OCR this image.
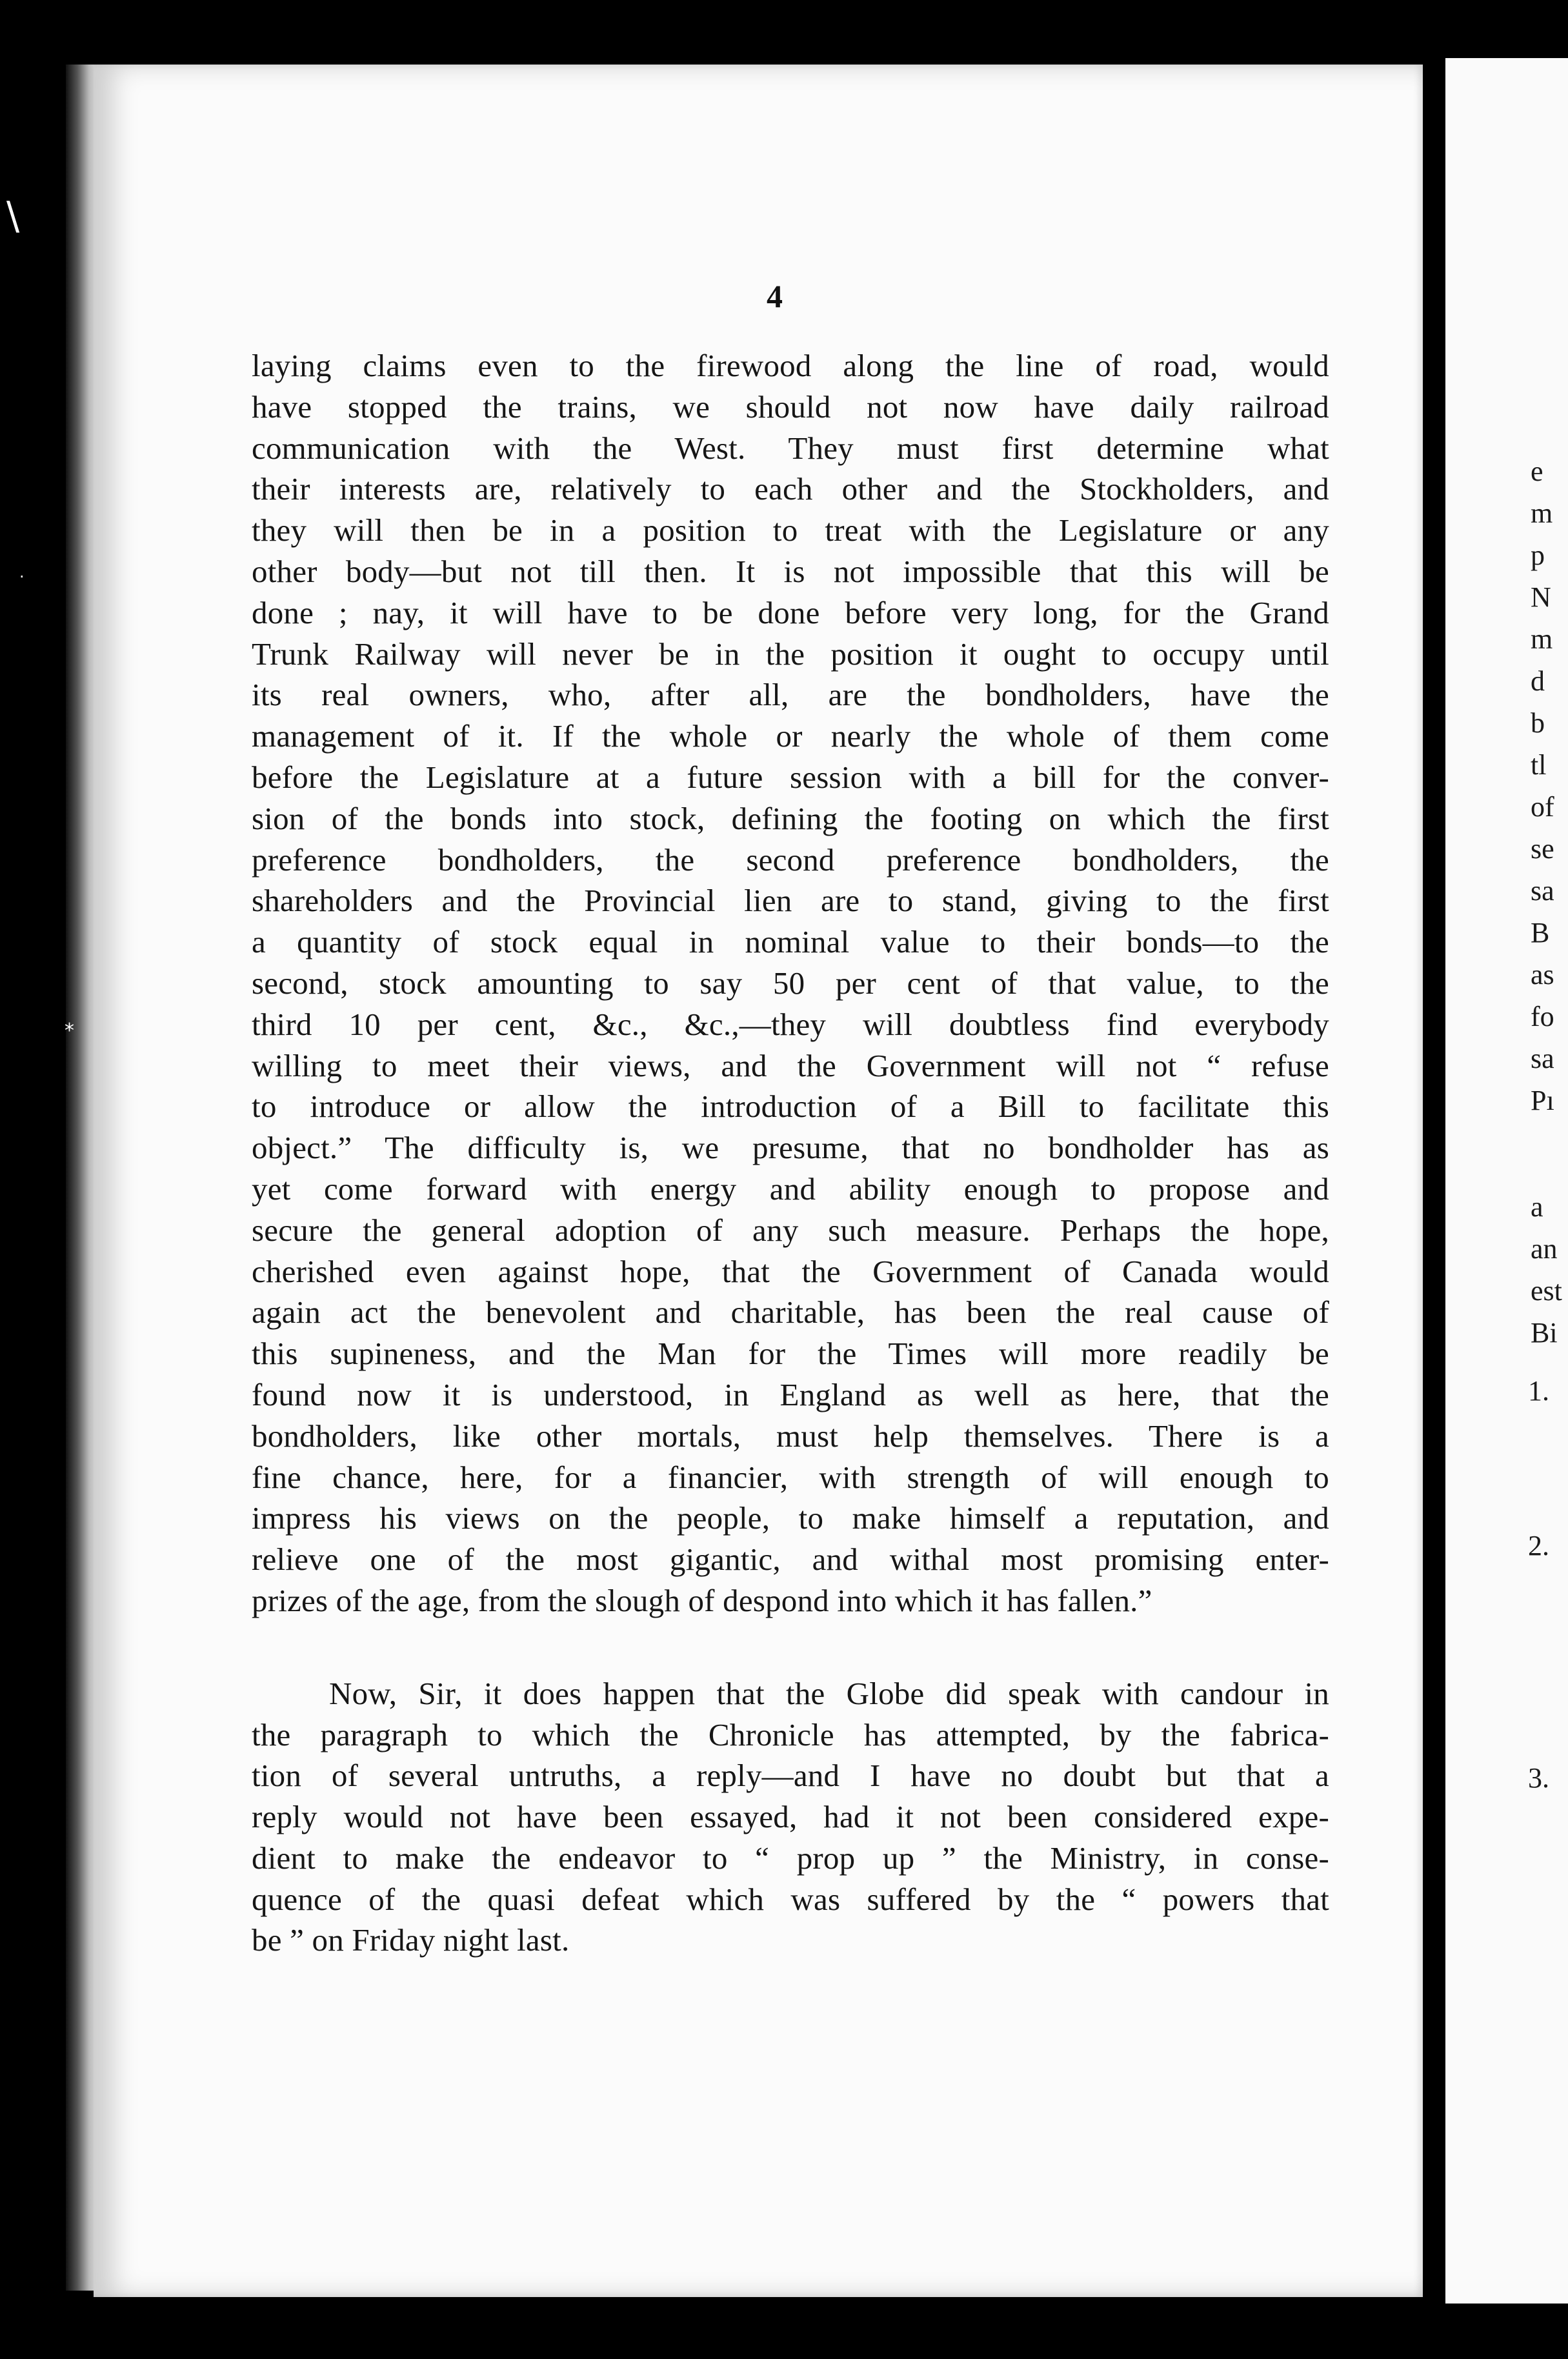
\
·
*
4
laying claims even to the firewood along the line of road, would
have stopped the trains, we should not now have daily railroad
communication with the West. They must first determine what
their interests are, relatively to each other and the Stockholders, and
they will then be in a position to treat with the Legislature or any
other body—but not till then. It is not impossible that this will be
done ; nay, it will have to be done before very long, for the Grand
Trunk Railway will never be in the position it ought to occupy until
its real owners, who, after all, are the bondholders, have the
management of it. If the whole or nearly the whole of them come
before the Legislature at a future session with a bill for the conver-
sion of the bonds into stock, defining the footing on which the first
preference bondholders, the second preference bondholders, the
shareholders and the Provincial lien are to stand, giving to the first
a quantity of stock equal in nominal value to their bonds—to the
second, stock amounting to say 50 per cent of that value, to the
third 10 per cent, &c., &c.,—they will doubtless find everybody
willing to meet their views, and the Government will not “ refuse
to introduce or allow the introduction of a Bill to facilitate this
object.” The difficulty is, we presume, that no bondholder has as
yet come forward with energy and ability enough to propose and
secure the general adoption of any such measure. Perhaps the hope,
cherished even against hope, that the Government of Canada would
again act the benevolent and charitable, has been the real cause of
this supineness, and the Man for the Times will more readily be
found now it is understood, in England as well as here, that the
bondholders, like other mortals, must help themselves. There is a
fine chance, here, for a financier, with strength of will enough to
impress his views on the people, to make himself a reputation, and
relieve one of the most gigantic, and withal most promising enter-
prizes of the age, from the slough of despond into which it has fallen.”
Now, Sir, it does happen that the Globe did speak with candour in
the paragraph to which the Chronicle has attempted, by the fabrica-
tion of several untruths, a reply—and I have no doubt but that a
reply would not have been essayed, had it not been considered expe-
dient to make the endeavor to “ prop up ” the Ministry, in conse-
quence of the quasi defeat which was suffered by the “ powers that
be ” on Friday night last.
e
m
p
N
m
d
b
tl
of
se
sa
B
as
fo
sa
Pı
a
an
est
Bi
1.
2.
3.
